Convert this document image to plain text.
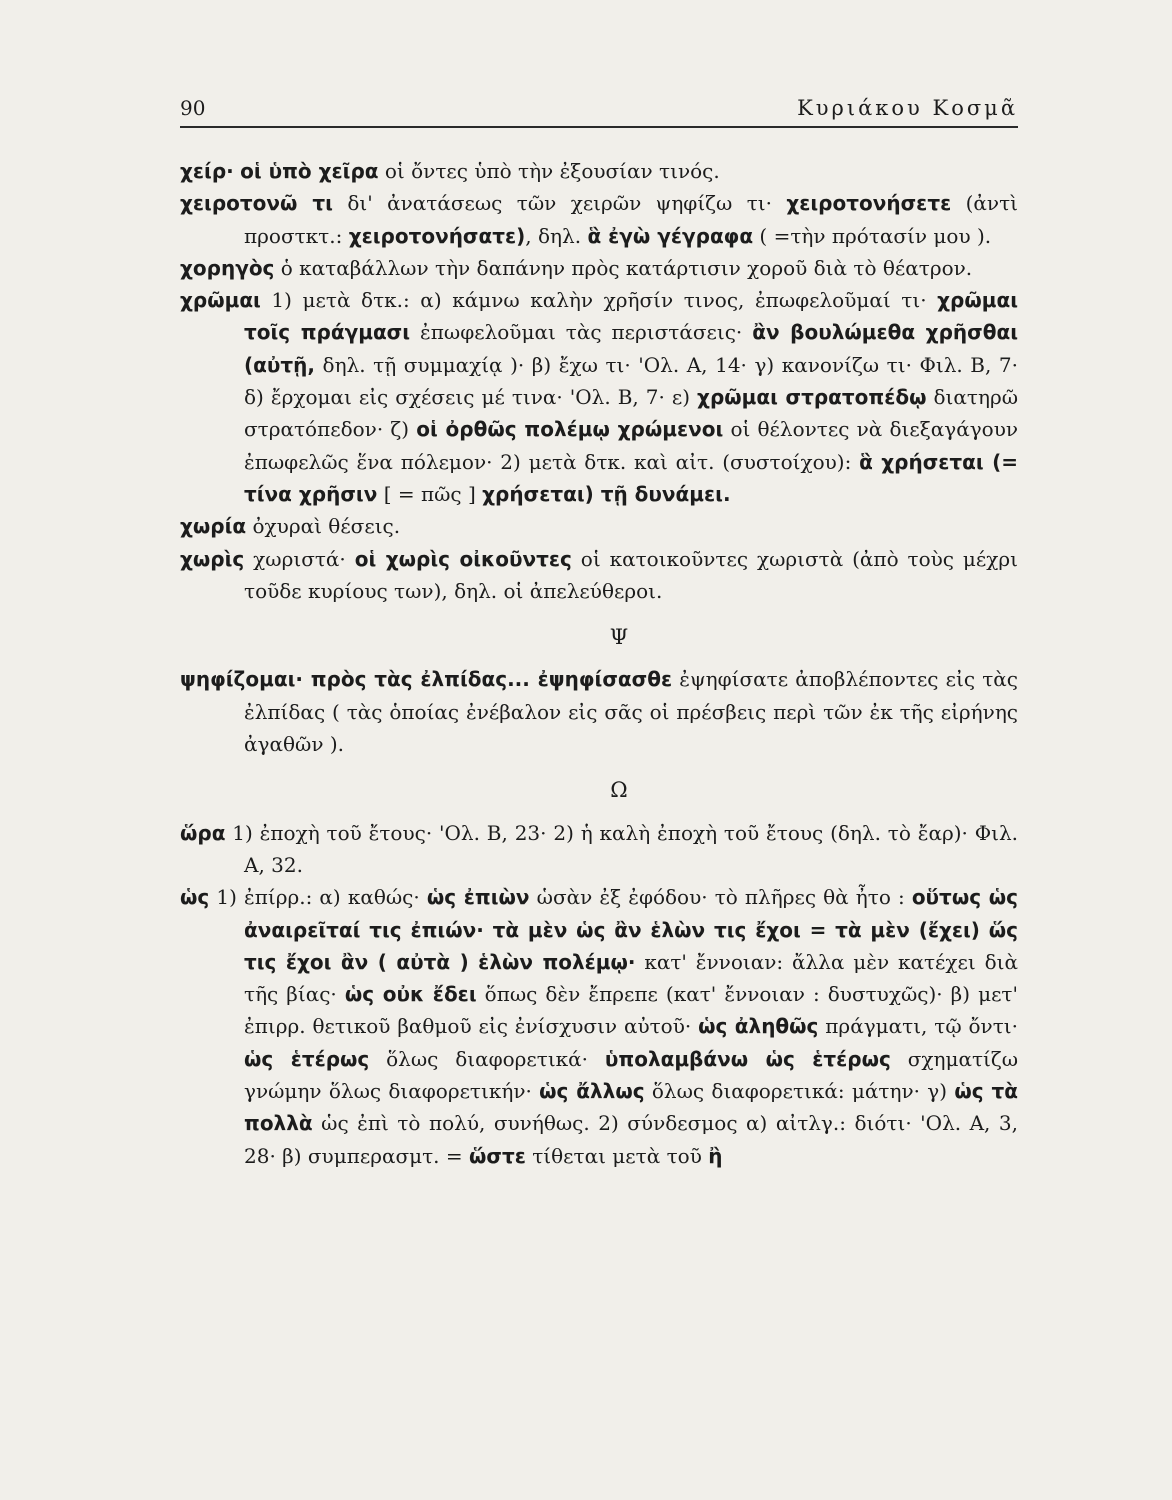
90	Κυριάκου Κοσμᾶ

χείρ· οἱ ὑπὸ χεῖρα οἱ ὄντες ὑπὸ τὴν ἐξουσίαν τινός.

χειροτονῶ τι δι' ἀνατάσεως τῶν χειρῶν ψηφίζω τι· χειροτονήσετε (ἀντὶ προστκτ.: χειροτονήσατε), δηλ. ἃ ἐγὼ γέγραφα ( =τὴν πρότασίν μου ).

χορηγὸς ὁ καταβάλλων τὴν δαπάνην πρὸς κατάρτισιν χοροῦ διὰ τὸ θέατρον.

χρῶμαι 1) μετὰ δτκ.: α) κάμνω καλὴν χρῆσίν τινος, ἐπωφελοῦμαί τι· χρῶμαι τοῖς πράγμασι ἐπωφελοῦμαι τὰς περιστάσεις· ἂν βουλώμεθα χρῆσθαι (αὐτῇ, δηλ. τῇ συμμαχίᾳ )· β) ἔχω τι· 'Ολ. Α, 14· γ) κανονίζω τι· Φιλ. Β, 7· δ) ἔρχομαι εἰς σχέσεις μέ τινα· 'Ολ. Β, 7· ε) χρῶμαι στρατοπέδῳ διατηρῶ στρατόπεδον· ζ) οἱ ὀρθῶς πολέμῳ χρώμενοι οἱ θέλοντες νὰ διεξαγάγουν ἐπωφελῶς ἕνα πόλεμον· 2) μετὰ δτκ. καὶ αἰτ. (συστοίχου): ἃ χρήσεται (= τίνα χρῆσιν [ = πῶς ] χρήσεται) τῇ δυνάμει.

χωρία ὀχυραὶ θέσεις.

χωρὶς χωριστά· οἱ χωρὶς οἰκοῦντες οἱ κατοικοῦντες χωριστὰ (ἀπὸ τοὺς μέχρι τοῦδε κυρίους των), δηλ. οἱ ἀπελεύθεροι.

Ψ

ψηφίζομαι· πρὸς τὰς ἐλπίδας... ἐψηφίσασθε ἐψηφίσατε ἀποβλέποντες εἰς τὰς ἐλπίδας ( τὰς ὁποίας ἐνέβαλον εἰς σᾶς οἱ πρέσβεις περὶ τῶν ἐκ τῆς εἰρήνης ἀγαθῶν ).

Ω

ὥρα 1) ἐποχὴ τοῦ ἔτους· 'Ολ. Β, 23· 2) ἡ καλὴ ἐποχὴ τοῦ ἔτους (δηλ. τὸ ἔαρ)· Φιλ. Α, 32.

ὡς 1) ἐπίρρ.: α) καθώς· ὡς ἐπιὼν ὡσὰν ἐξ ἐφόδου· τὸ πλῆρες θὰ ἦτο : οὕτως ὡς ἀναιρεῖταί τις ἐπιών· τὰ μὲν ὡς ἂν ἑλὼν τις ἔχοι = τὰ μὲν (ἔχει) ὥς τις ἔχοι ἂν ( αὐτὰ ) ἑλὼν πολέμῳ· κατ' ἔννοιαν: ἄλλα μὲν κατέχει διὰ τῆς βίας· ὡς οὐκ ἔδει ὅπως δὲν ἔπρεπε (κατ' ἔννοιαν : δυστυχῶς)· β) μετ' ἐπιρρ. θετικοῦ βαθμοῦ εἰς ἐνίσχυσιν αὐτοῦ· ὡς ἀληθῶς πράγματι, τῷ ὄντι· ὡς ἑτέρως ὅλως διαφορετικά· ὑπολαμβάνω ὡς ἑτέρως σχηματίζω γνώμην ὅλως διαφορετικήν· ὡς ἄλλως ὅλως διαφορετικά: μάτην· γ) ὡς τὰ πολλὰ ὡς ἐπὶ τὸ πολύ, συνήθως. 2) σύνδεσμος α) αἰτλγ.: διότι· 'Ολ. Α, 3, 28· β) συμπερασμτ. = ὥστε τίθεται μετὰ τοῦ ἢ
